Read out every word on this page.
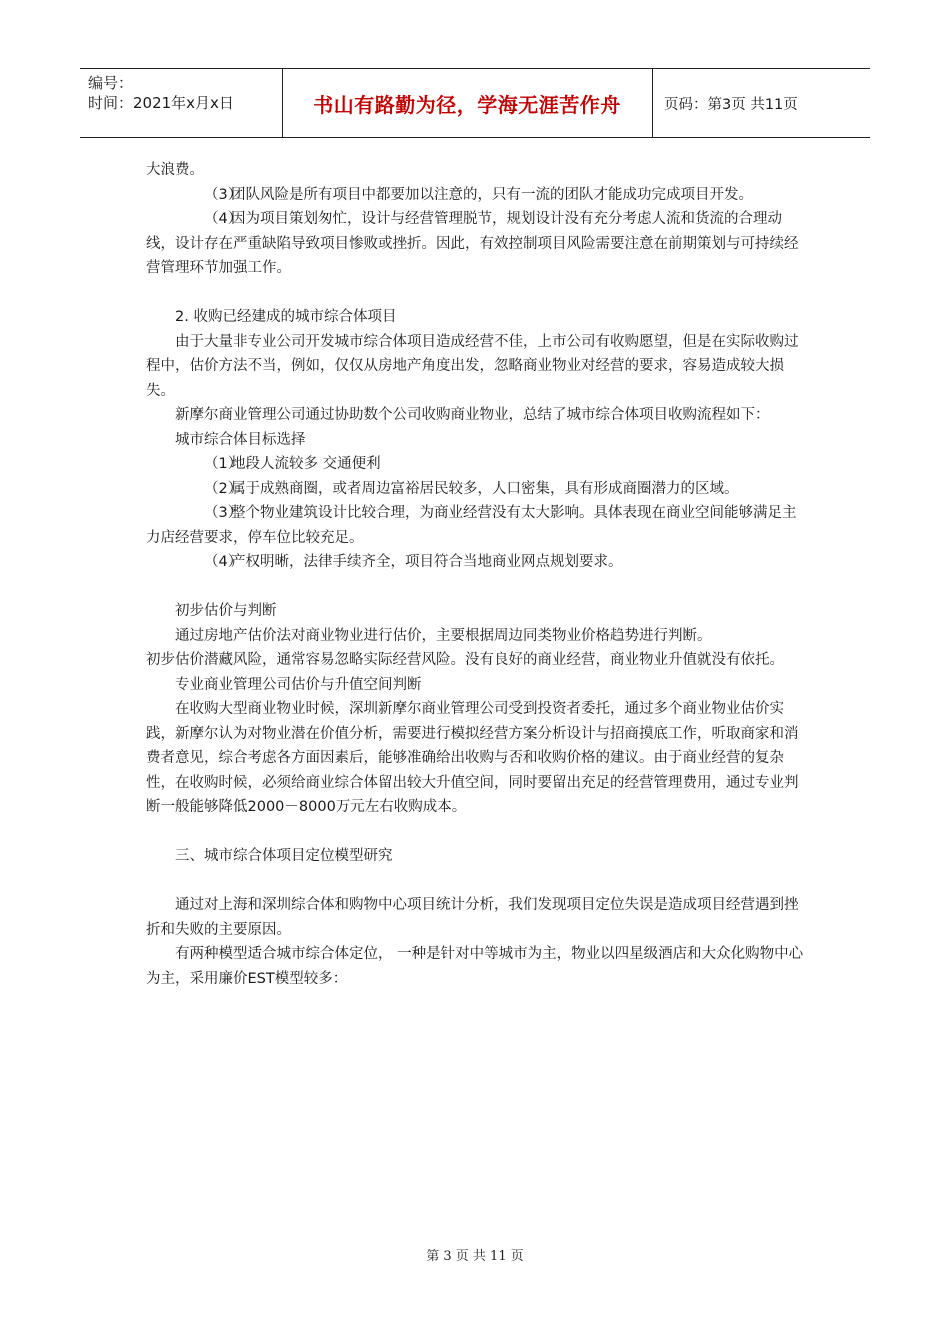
编号：
时间：2021年x月x日	书山有路勤为径，学海无涯苦作舟	页码：第3页 共11页

大浪费。

（3）团队风险是所有项目中都要加以注意的，只有一流的团队才能成功完成项目开发。

（4）因为项目策划匆忙，设计与经营管理脱节，规划设计没有充分考虑人流和货流的合理动线，设计存在严重缺陷导致项目惨败或挫折。因此，有效控制项目风险需要注意在前期策划与可持续经营管理环节加强工作。

2. 收购已经建成的城市综合体项目

由于大量非专业公司开发城市综合体项目造成经营不佳，上市公司有收购愿望，但是在实际收购过程中，估价方法不当，例如，仅仅从房地产角度出发，忽略商业物业对经营的要求，容易造成较大损失。

新摩尔商业管理公司通过协助数个公司收购商业物业，总结了城市综合体项目收购流程如下：

城市综合体目标选择

（1）地段人流较多 交通便利

（2）属于成熟商圈，或者周边富裕居民较多，人口密集，具有形成商圈潜力的区域。

（3）整个物业建筑设计比较合理，为商业经营没有太大影响。具体表现在商业空间能够满足主力店经营要求，停车位比较充足。

（4）产权明晰，法律手续齐全，项目符合当地商业网点规划要求。

初步估价与判断

通过房地产估价法对商业物业进行估价，主要根据周边同类物业价格趋势进行判断。

初步估价潜藏风险，通常容易忽略实际经营风险。没有良好的商业经营，商业物业升值就没有依托。

专业商业管理公司估价与升值空间判断

在收购大型商业物业时候，深圳新摩尔商业管理公司受到投资者委托，通过多个商业物业估价实践，新摩尔认为对物业潜在价值分析，需要进行模拟经营方案分析设计与招商摸底工作，听取商家和消费者意见，综合考虑各方面因素后，能够准确给出收购与否和收购价格的建议。由于商业经营的复杂性，在收购时候，必须给商业综合体留出较大升值空间，同时要留出充足的经营管理费用，通过专业判断一般能够降低2000－8000万元左右收购成本。

三、城市综合体项目定位模型研究

通过对上海和深圳综合体和购物中心项目统计分析，我们发现项目定位失误是造成项目经营遇到挫折和失败的主要原因。

有两种模型适合城市综合体定位， 一种是针对中等城市为主，物业以四星级酒店和大众化购物中心为主，采用廉价EST模型较多：

第 3 页 共 11 页
